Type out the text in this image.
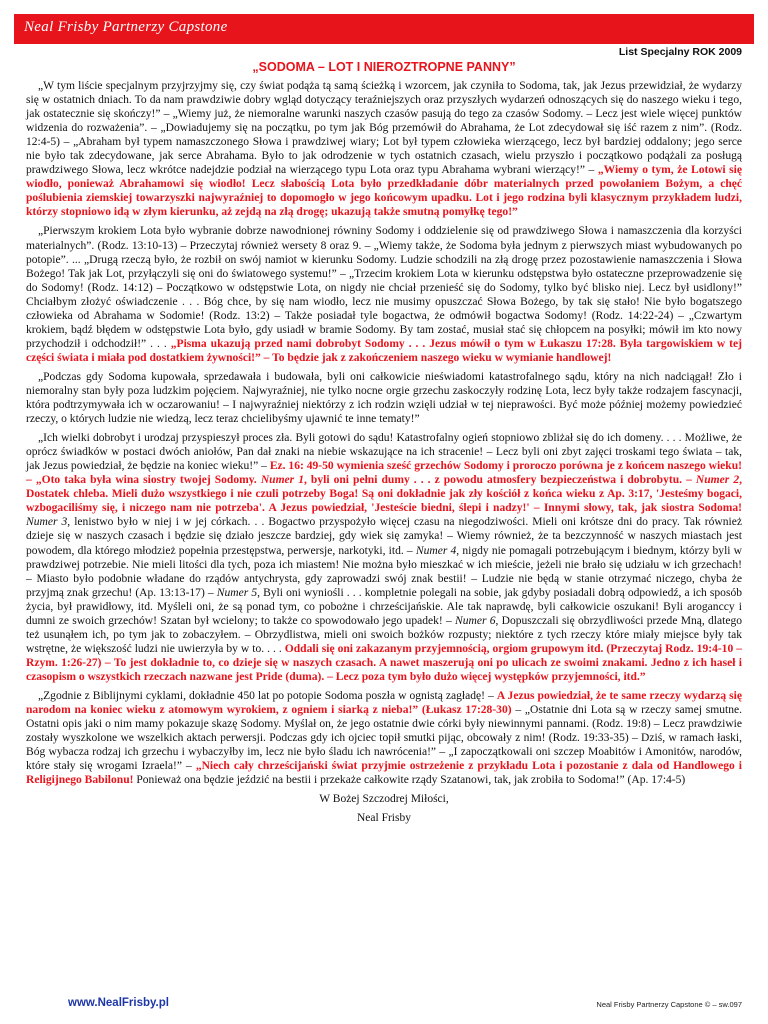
Neal Frisby Partnerzy Capstone
List Specjalny ROK 2009
„SODOMA – LOT I NIEROZTROPNE PANNY”

„W tym liście specjalnym przyjrzyjmy się, czy świat podąża tą samą ścieżką i wzorcem, jak czyniła to Sodoma, tak, jak Jezus przewidział, że wydarzy się w ostatnich dniach. To da nam prawdziwie dobry wgląd dotyczący teraźniejszych oraz przyszłych wydarzeń odnoszących się do naszego wieku i tego, jak ostatecznie się skończy!” – „Wiemy już, że niemoralne warunki naszych czasów pasują do tego za czasów Sodomy. – Lecz jest wiele więcej punktów widzenia do rozważenia”. – „Dowiadujemy się na początku, po tym jak Bóg przemówił do Abrahama, że Lot zdecydował się iść razem z nim”. (Rodz. 12:4-5) – „Abraham był typem namaszczonego Słowa i prawdziwej wiary; Lot był typem człowieka wierzącego, lecz był bardziej oddalony; jego serce nie było tak zdecydowane, jak serce Abrahama. Było to jak odrodzenie w tych ostatnich czasach, wielu przyszło i początkowo podążali za posługą prawdziwego Słowa, lecz wkrótce nadejdzie podział na wierzącego typu Lota oraz typu Abrahama wybrani wierzący!” – „Wiemy o tym, że Lotowi się wiodło, ponieważ Abrahamowi się wiodło! Lecz słabością Lota było przedkładanie dóbr materialnych przed powołaniem Bożym, a chęć poślubienia ziemskiej towarzyszki najwyraźniej to dopomogło w jego końcowym upadku. Lot i jego rodzina byli klasycznym przykładem ludzi, którzy stopniowo idą w złym kierunku, aż zejdą na złą drogę; ukazują także smutną pomyłkę tego!”

„Pierwszym krokiem Lota było wybranie dobrze nawodnionej równiny Sodomy i oddzielenie się od prawdziwego Słowa i namaszczenia dla korzyści materialnych”. (Rodz. 13:10-13) – Przeczytaj również wersety 8 oraz 9. – „Wiemy także, że Sodoma była jednym z pierwszych miast wybudowanych po potopie”. ... „Drugą rzeczą było, że rozbił on swój namiot w kierunku Sodomy. Ludzie schodzili na złą drogę przez pozostawienie namaszczenia i Słowa Bożego! Tak jak Lot, przyłączyli się oni do światowego systemu!” – „Trzecim krokiem Lota w kierunku odstępstwa było ostateczne przeprowadzenie się do Sodomy! (Rodz. 14:12) – Początkowo w odstępstwie Lota, on nigdy nie chciał przenieść się do Sodomy, tylko być blisko niej. Lecz był usidlony!” Chciałbym złożyć oświadczenie . . . Bóg chce, by się nam wiodło, lecz nie musimy opuszczać Słowa Bożego, by tak się stało! Nie było bogatszego człowieka od Abrahama w Sodomie! (Rodz. 13:2) – Także posiadał tyle bogactwa, że odmówił bogactwa Sodomy! (Rodz. 14:22-24) – „Czwartym krokiem, bądź błędem w odstępstwie Lota było, gdy usiadł w bramie Sodomy. By tam zostać, musiał stać się chłopcem na posyłki; mówił im kto nowy przychodził i odchodził!” . . . „Pisma ukazują przed nami dobrobyt Sodomy . . . Jezus mówił o tym w Łukaszu 17:28. Była targowiskiem w tej części świata i miała pod dostatkiem żywności!” – To będzie jak z zakończeniem naszego wieku w wymianie handlowej!

„Podczas gdy Sodoma kupowała, sprzedawała i budowała, byli oni całkowicie nieświadomi katastrofalnego sądu, który na nich nadciągał! Zło i niemoralny stan były poza ludzkim pojęciem. Najwyraźniej, nie tylko nocne orgie grzechu zaskoczyły rodzinę Lota, lecz były także rodzajem fascynacji, która podtrzymywała ich w oczarowaniu! – I najwyraźniej niektórzy z ich rodzin wzięli udział w tej nieprawości. Być może później możemy powiedzieć rzeczy, o których ludzie nie wiedzą, lecz teraz chcielibyśmy ujawnić te inne tematy!”

„Ich wielki dobrobyt i urodzaj przyspieszył proces zła. Byli gotowi do sądu! Katastrofalny ogień stopniowo zbliżał się do ich domeny. . . . Możliwe, że oprócz świadków w postaci dwóch aniołów, Pan dał znaki na niebie wskazujące na ich stracenie! – Lecz byli oni zbyt zajęci troskami tego świata – tak, jak Jezus powiedział, że będzie na koniec wieku!” – Ez. 16: 49-50 wymienia sześć grzechów Sodomy i proroczo porówna je z końcem naszego wieku! – „Oto taka była wina siostry twojej Sodomy. Numer 1, byli oni pełni dumy . . . z powodu atmosfery bezpieczeństwa i dobrobytu. – Numer 2, Dostatek chleba. Mieli dużo wszystkiego i nie czuli potrzeby Boga! Są oni dokładnie jak zły kościół z końca wieku z Ap. 3:17, 'Jesteśmy bogaci, wzbogaciliśmy się, i niczego nam nie potrzeba'. A Jezus powiedział, 'Jesteście biedni, ślepi i nadzy!' – Innymi słowy, tak, jak siostra Sodoma! Numer 3, lenistwo było w niej i w jej córkach. . . Bogactwo przyspożyło więcej czasu na niegodziwości. Mieli oni krótsze dni do pracy. Tak również dzieje się w naszych czasach i będzie się działo jeszcze bardziej, gdy wiek się zamyka! – Wiemy również, że ta bezczynność w naszych miastach jest powodem, dla którego młodzież popełnia przestępstwa, perwersje, narkotyki, itd. – Numer 4, nigdy nie pomagali potrzebującym i biednym, którzy byli w prawdziwej potrzebie. Nie mieli litości dla tych, poza ich miastem! Nie można było mieszkać w ich mieście, jeżeli nie brało się udziału w ich grzechach! – Miasto było podobnie władane do rządów antychrysta, gdy zaprowadzi swój znak bestii! – Ludzie nie będą w stanie otrzymać niczego, chyba że przyjmą znak grzechu! (Ap. 13:13-17) – Numer 5, Byli oni wyniośli . . . kompletnie polegali na sobie, jak gdyby posiadali dobrą odpowiedź, a ich sposób życia, był prawidłowy, itd. Myśleli oni, że są ponad tym, co pobożne i chrześcijańskie. Ale tak naprawdę, byli całkowicie oszukani! Byli aroganccy i dumni ze swoich grzechów! Szatan był wcielony; to także co spowodowało jego upadek! – Numer 6, Dopuszczali się obrzydliwości przede Mną, dlatego też usunąłem ich, po tym jak to zobaczyłem. – Obrzydlistwa, mieli oni swoich bożków rozpusty; niektóre z tych rzeczy które miały miejsce były tak wstrętne, że większość ludzi nie uwierzyła by w to. . . . Oddali się oni zakazanym przyjemnością, orgiom grupowym itd. (Przeczytaj Rodz. 19:4-10 – Rzym. 1:26-27) – To jest dokładnie to, co dzieje się w naszych czasach. A nawet maszerują oni po ulicach ze swoimi znakami. Jedno z ich haseł i czasopism o wszystkich rzeczach nazwane jest Pride (duma). – Lecz poza tym było dużo więcej występków przyjemności, itd.”

„Zgodnie z Biblijnymi cyklami, dokładnie 450 lat po potopie Sodoma poszła w ognistą zagładę! – A Jezus powiedział, że te same rzeczy wydarzą się narodom na koniec wieku z atomowym wyrokiem, z ogniem i siarką z nieba!” (Łukasz 17:28-30) – „Ostatnie dni Lota są w rzeczy samej smutne. Ostatni opis jaki o nim mamy pokazuje skazę Sodomy. Myślał on, że jego ostatnie dwie córki były niewinnymi pannami. (Rodz. 19:8) – Lecz prawdziwie zostały wyszkolone we wszelkich aktach perwersji. Podczas gdy ich ojciec topił smutki pijąc, obcowały z nim! (Rodz. 19:33-35) – Dziś, w ramach łaski, Bóg wybacza rodzaj ich grzechu i wybaczyłby im, lecz nie było śladu ich nawrócenia!” – „I zapoczątkowali oni szczep Moabitów i Amonitów, narodów, które stały się wrogami Izraela!” – „Niech cały chrześcijański świat przyjmie ostrzeżenie z przykładu Lota i pozostanie z dala od Handlowego i Religijnego Babilonu! Ponieważ ona będzie jeździć na bestii i przekaże całkowite rządy Szatanowi, tak, jak zrobiła to Sodoma!” (Ap. 17:4-5)

W Bożej Szczodrej Miłości,
Neal Frisby
www.NealFrisby.pl	Neal Frisby Partnerzy Capstone © – sw.097
